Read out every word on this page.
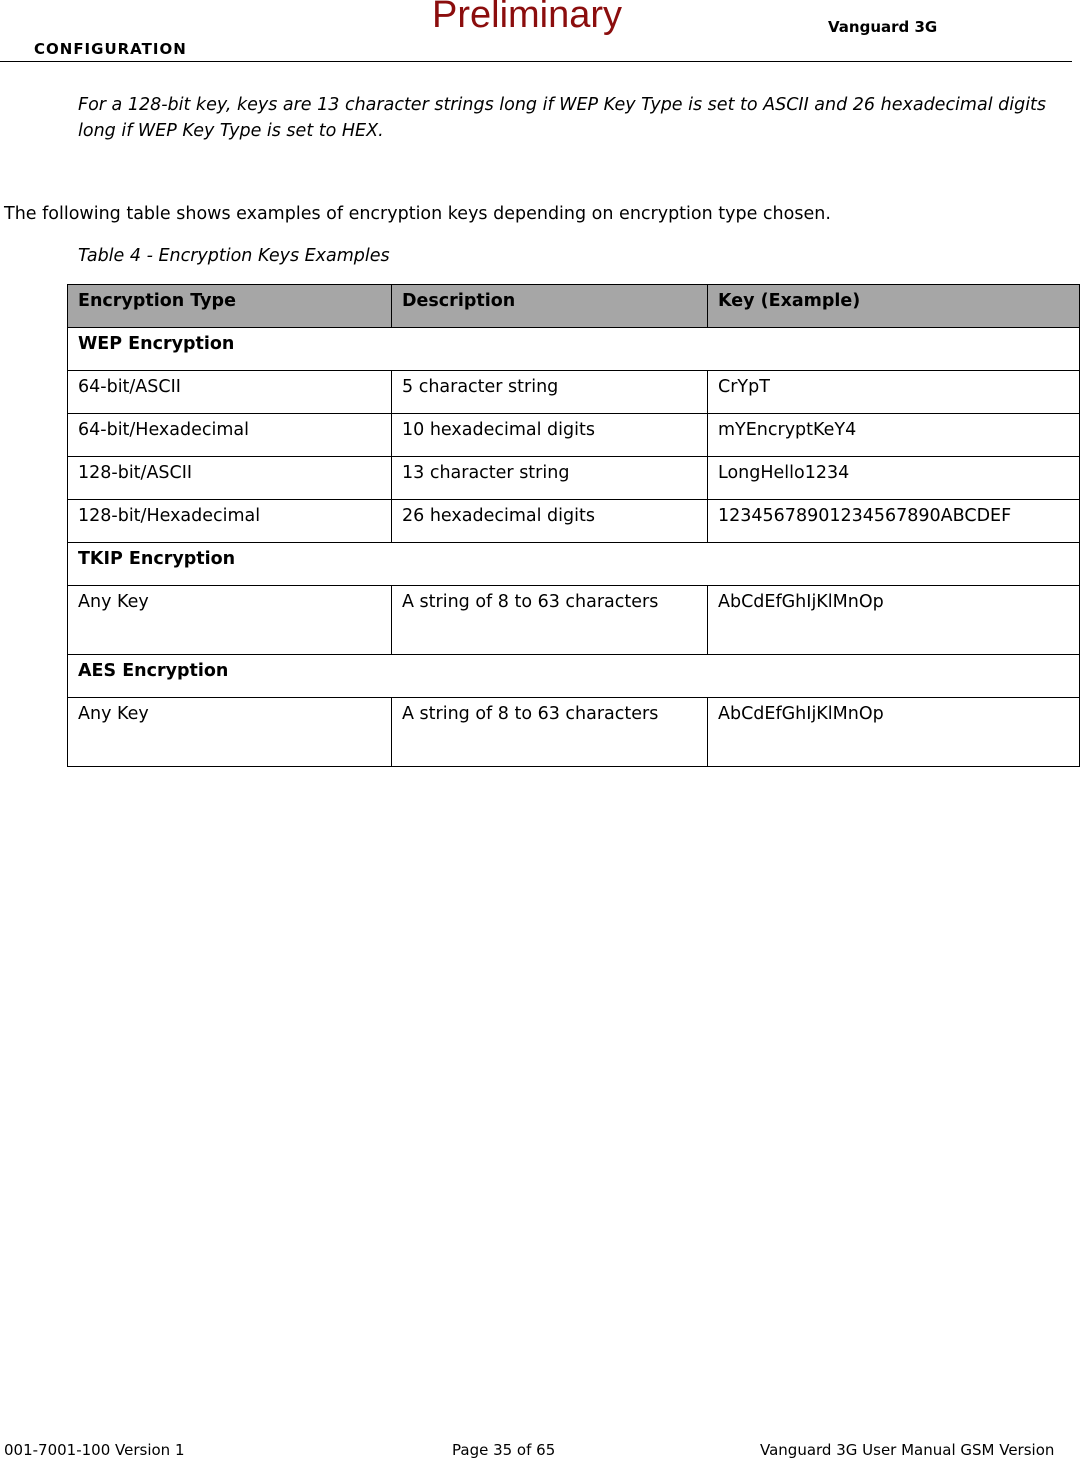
CONFIGURATION
Preliminary	Vanguard 3G
For a 128-bit key, keys are 13 character strings long if WEP Key Type is set to ASCII and 26 hexadecimal digits long if WEP Key Type is set to HEX.
The following table shows examples of encryption keys depending on encryption type chosen.
Table 4 - Encryption Keys Examples
Encryption Type	Description	Key (Example)
WEP Encryption		
64-bit/ASCII	5 character string	CrYpT
64-bit/Hexadecimal	10 hexadecimal digits	mYEncryptKeY4
128-bit/ASCII	13 character string	LongHello1234
128-bit/Hexadecimal	26 hexadecimal digits	12345678901234567890ABCDEF
TKIP Encryption		
Any Key	A string of 8 to 63 characters	AbCdEfGhIjKlMnOp
AES Encryption		
Any Key	A string of 8 to 63 characters	AbCdEfGhIjKlMnOp
001-7001-100 Version 1	Page 35 of 65	Vanguard 3G User Manual GSM Version
